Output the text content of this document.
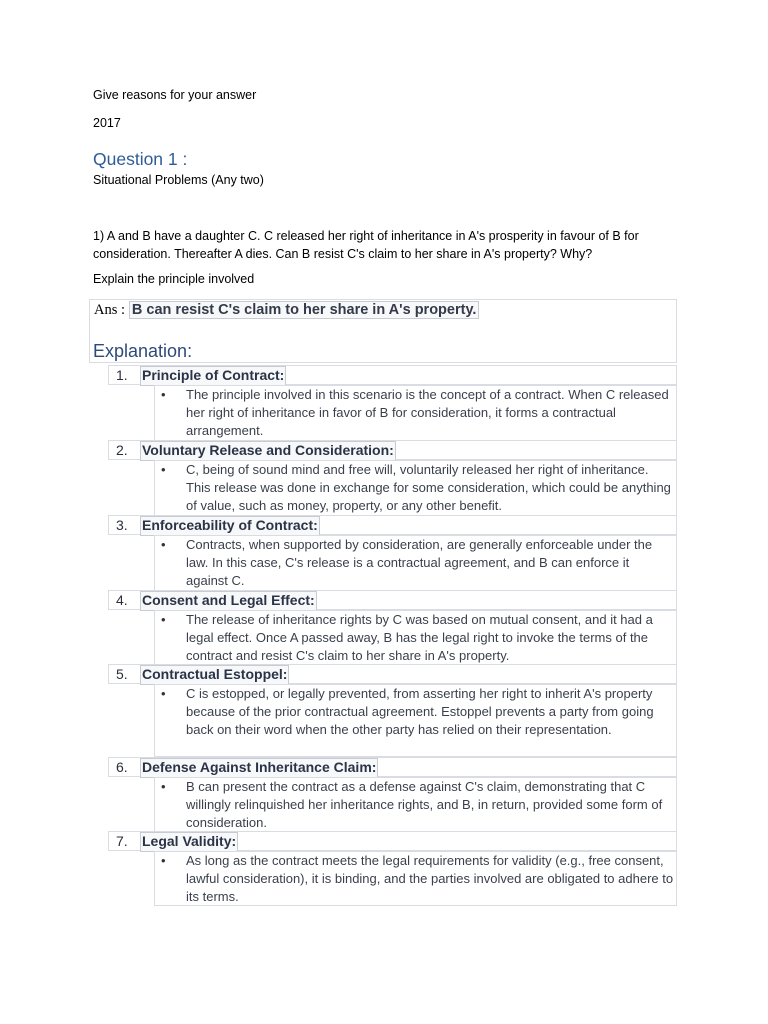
Give reasons for your answer
2017
Question 1 :
Situational Problems (Any two)
1) A and B have a daughter C. C released her right of inheritance in A's prosperity in favour of B for consideration. Thereafter A dies. Can B resist C's claim to her share in A's property? Why?
Explain the principle involved
Ans : B can resist C's claim to her share in A's property.
Explanation:
1. Principle of Contract:
• The principle involved in this scenario is the concept of a contract. When C released her right of inheritance in favor of B for consideration, it forms a contractual arrangement.
2. Voluntary Release and Consideration:
• C, being of sound mind and free will, voluntarily released her right of inheritance. This release was done in exchange for some consideration, which could be anything of value, such as money, property, or any other benefit.
3. Enforceability of Contract:
• Contracts, when supported by consideration, are generally enforceable under the law. In this case, C's release is a contractual agreement, and B can enforce it against C.
4. Consent and Legal Effect:
• The release of inheritance rights by C was based on mutual consent, and it had a legal effect. Once A passed away, B has the legal right to invoke the terms of the contract and resist C's claim to her share in A's property.
5. Contractual Estoppel:
• C is estopped, or legally prevented, from asserting her right to inherit A's property because of the prior contractual agreement. Estoppel prevents a party from going back on their word when the other party has relied on their representation.
6. Defense Against Inheritance Claim:
• B can present the contract as a defense against C's claim, demonstrating that C willingly relinquished her inheritance rights, and B, in return, provided some form of consideration.
7. Legal Validity:
• As long as the contract meets the legal requirements for validity (e.g., free consent, lawful consideration), it is binding, and the parties involved are obligated to adhere to its terms.
